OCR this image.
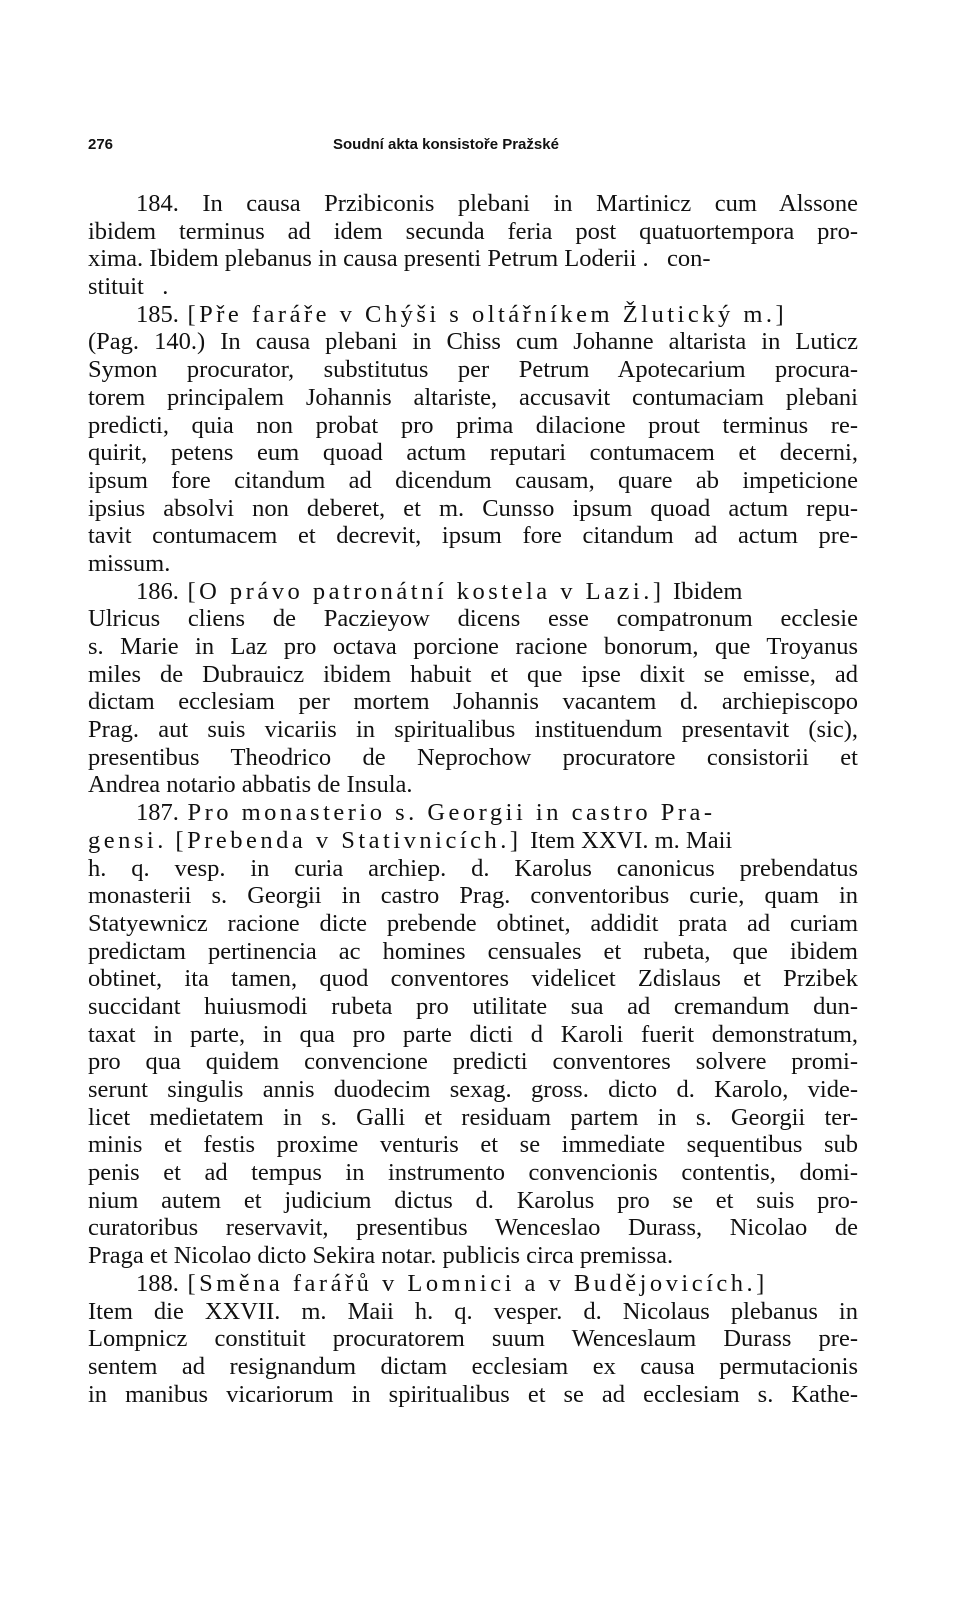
276	Soudní akta konsistoře Pražské
184. In causa Przibiconis plebani in Martinicz cum Alssone
ibidem terminus ad idem secunda feria post quatuortempora pro-
xima. Ibidem plebanus in causa presenti Petrum Loderii .   con-
stituit   .
185. [Pře faráře v Chýši s oltářníkem Žlutický m.]
(Pag. 140.) In causa plebani in Chiss cum Johanne altarista in Luticz
Symon procurator, substitutus per Petrum Apotecarium procura-
torem principalem Johannis altariste, accusavit contumaciam plebani
predicti, quia non probat pro prima dilacione prout terminus re-
quirit, petens eum quoad actum reputari contumacem et decerni,
ipsum fore citandum ad dicendum causam, quare ab impeticione
ipsius absolvi non deberet, et m. Cunsso ipsum quoad actum repu-
tavit contumacem et decrevit, ipsum fore citandum ad actum pre-
missum.
186. [O právo patronátní kostela v Lazi.] Ibidem
Ulricus cliens de Paczieyow dicens esse compatronum ecclesie
s. Marie in Laz pro octava porcione racione bonorum, que Troyanus
miles de Dubrauicz ibidem habuit et que ipse dixit se emisse, ad
dictam ecclesiam per mortem Johannis vacantem d. archiepiscopo
Prag. aut suis vicariis in spiritualibus instituendum presentavit (sic),
presentibus Theodrico de Neprochow procuratore consistorii et
Andrea notario abbatis de Insula.
187. Pro monasterio s. Georgii in castro Pra-
gensi. [Prebenda v Stativnicích.] Item XXVI. m. Maii
h. q. vesp. in curia archiep. d. Karolus canonicus prebendatus
monasterii s. Georgii in castro Prag. conventoribus curie, quam in
Statyewnicz racione dicte prebende obtinet, addidit prata ad curiam
predictam pertinencia ac homines censuales et rubeta, que ibidem
obtinet, ita tamen, quod conventores videlicet Zdislaus et Przibek
succidant huiusmodi rubeta pro utilitate sua ad cremandum dun-
taxat in parte, in qua pro parte dicti d Karoli fuerit demonstratum,
pro qua quidem convencione predicti conventores solvere promi-
serunt singulis annis duodecim sexag. gross. dicto d. Karolo, vide-
licet medietatem in s. Galli et residuam partem in s. Georgii ter-
minis et festis proxime venturis et se immediate sequentibus sub
penis et ad tempus in instrumento convencionis contentis, domi-
nium autem et judicium dictus d. Karolus pro se et suis pro-
curatoribus reservavit, presentibus Wenceslao Durass, Nicolao de
Praga et Nicolao dicto Sekira notar. publicis circa premissa.
188. [Směna farářů v Lomnici a v Budějovicích.]
Item die XXVII. m. Maii h. q. vesper. d. Nicolaus plebanus in
Lompnicz constituit procuratorem suum Wenceslaum Durass pre-
sentem ad resignandum dictam ecclesiam ex causa permutacionis
in manibus vicariorum in spiritualibus et se ad ecclesiam s. Kathe-
